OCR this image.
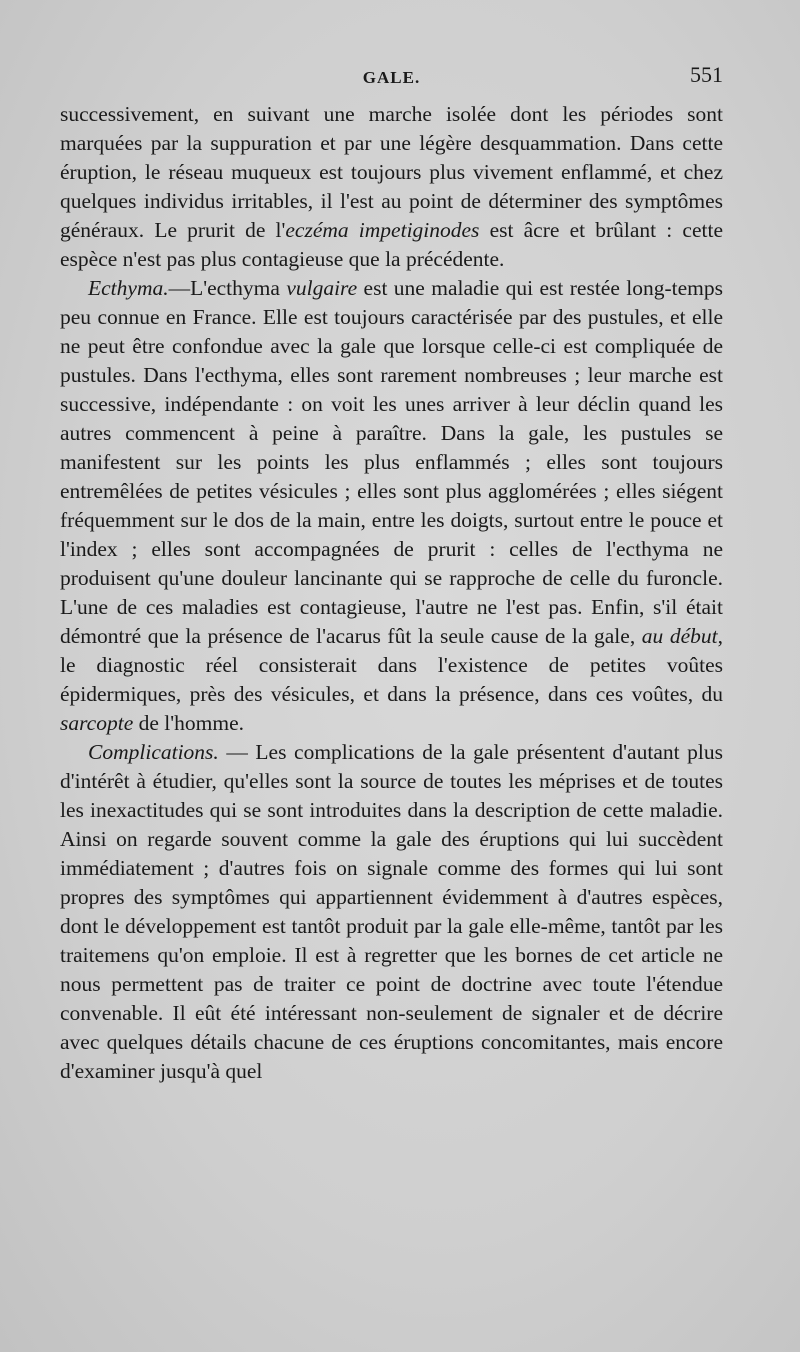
GALE.	551

successivement, en suivant une marche isolée dont les périodes sont marquées par la suppuration et par une légère desquammation. Dans cette éruption, le réseau muqueux est toujours plus vivement enflammé, et chez quelques individus irritables, il l'est au point de déterminer des symptômes généraux. Le prurit de l'eczéma impetiginodes est âcre et brûlant : cette espèce n'est pas plus contagieuse que la précédente.

Ecthyma.—L'ecthyma vulgaire est une maladie qui est restée long-temps peu connue en France. Elle est toujours caractérisée par des pustules, et elle ne peut être confondue avec la gale que lorsque celle-ci est compliquée de pustules. Dans l'ecthyma, elles sont rarement nombreuses ; leur marche est successive, indépendante : on voit les unes arriver à leur déclin quand les autres commencent à peine à paraître. Dans la gale, les pustules se manifestent sur les points les plus enflammés ; elles sont toujours entremêlées de petites vésicules ; elles sont plus agglomérées ; elles siégent fréquemment sur le dos de la main, entre les doigts, surtout entre le pouce et l'index ; elles sont accompagnées de prurit : celles de l'ecthyma ne produisent qu'une douleur lancinante qui se rapproche de celle du furoncle. L'une de ces maladies est contagieuse, l'autre ne l'est pas. Enfin, s'il était démontré que la présence de l'acarus fût la seule cause de la gale, au début, le diagnostic réel consisterait dans l'existence de petites voûtes épidermiques, près des vésicules, et dans la présence, dans ces voûtes, du sarcopte de l'homme.

Complications. — Les complications de la gale présentent d'autant plus d'intérêt à étudier, qu'elles sont la source de toutes les méprises et de toutes les inexactitudes qui se sont introduites dans la description de cette maladie. Ainsi on regarde souvent comme la gale des éruptions qui lui succèdent immédiatement ; d'autres fois on signale comme des formes qui lui sont propres des symptômes qui appartiennent évidemment à d'autres espèces, dont le développement est tantôt produit par la gale elle-même, tantôt par les traitemens qu'on emploie. Il est à regretter que les bornes de cet article ne nous permettent pas de traiter ce point de doctrine avec toute l'étendue convenable. Il eût été intéressant non-seulement de signaler et de décrire avec quelques détails chacune de ces éruptions concomitantes, mais encore d'examiner jusqu'à quel
